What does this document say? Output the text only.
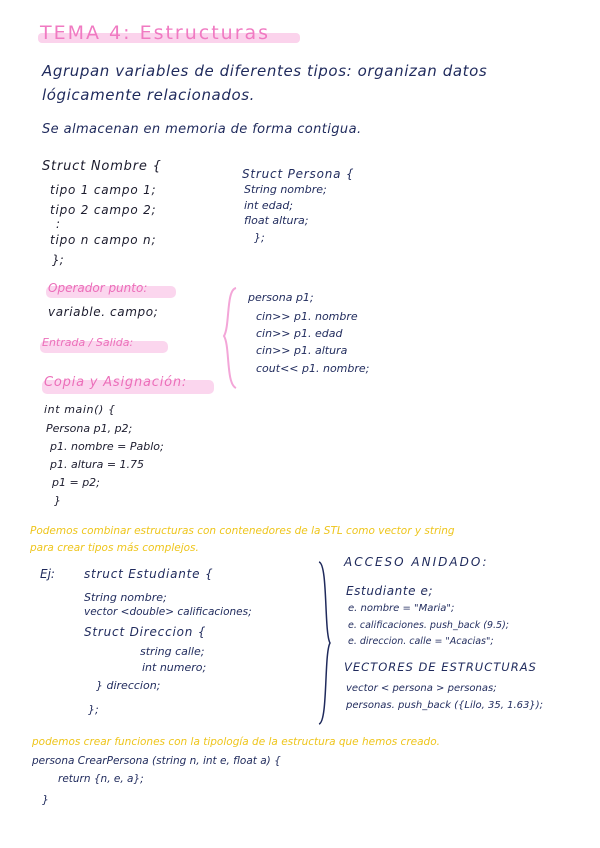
TEMA 4: Estructuras
Agrupan variables de diferentes tipos: organizan datos
lógicamente relacionados.
Se almacenan en memoria de forma contigua.
Struct Nombre {
tipo 1 campo 1;
tipo 2 campo 2;
:
tipo n campo n;
};
Struct Persona {
String nombre;
int edad;
float altura;
};
Operador punto:
variable. campo;
Entrada / Salida:
Copia y Asignación:
persona p1;
cin>> p1. nombre
cin>> p1. edad
cin>> p1. altura
cout<< p1. nombre;
int main() {
Persona p1, p2;
p1. nombre = Pablo;
p1. altura = 1.75
p1 = p2;
}
Podemos combinar estructuras con contenedores de la STL como vector y string
para crear tipos más complejos.
Ej: struct Estudiante {
String nombre;
vector <double> calificaciones;
Struct Direccion {
string calle;
int numero;
} direccion;
};
ACCESO ANIDADO:
Estudiante e;
e. nombre = "Maria";
e. calificaciones. push_back (9.5);
e. direccion. calle = "Acacias";
VECTORES DE ESTRUCTURAS
vector < persona > personas;
personas. push_back ({Lilo, 35, 1.63});
podemos crear funciones con la tipología de la estructura que hemos creado.
persona CrearPersona (string n, int e, float a) {
return {n, e, a};
}
